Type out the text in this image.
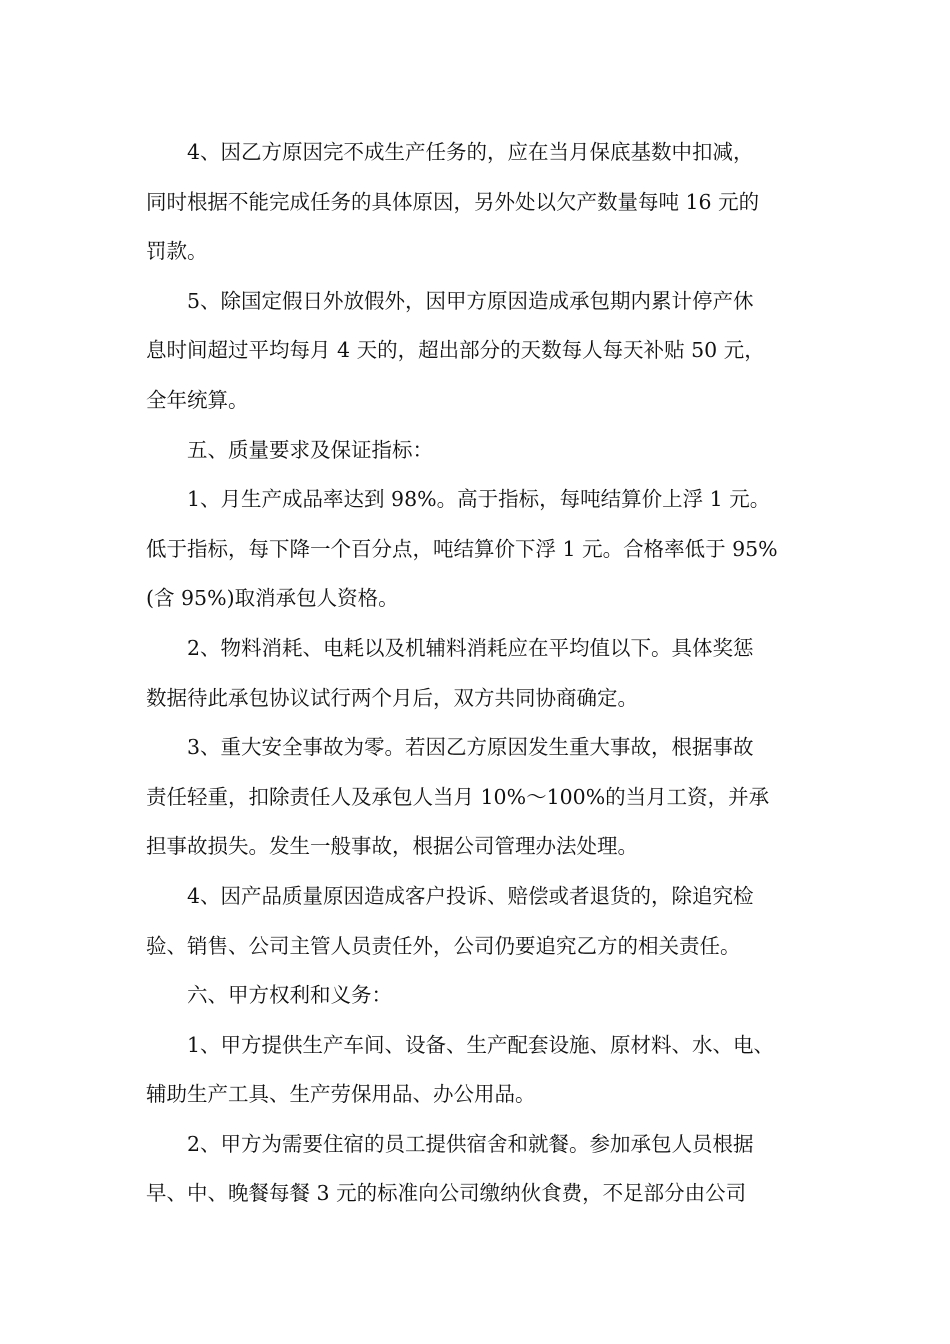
4、因乙方原因完不成生产任务的，应在当月保底基数中扣减，
同时根据不能完成任务的具体原因，另外处以欠产数量每吨 16 元的
罚款。
5、除国定假日外放假外，因甲方原因造成承包期内累计停产休
息时间超过平均每月 4 天的，超出部分的天数每人每天补贴 50 元，
全年统算。
五、质量要求及保证指标：
1、月生产成品率达到 98%。高于指标，每吨结算价上浮 1 元。
低于指标，每下降一个百分点，吨结算价下浮 1 元。合格率低于 95%
(含 95%)取消承包人资格。
2、物料消耗、电耗以及机辅料消耗应在平均值以下。具体奖惩
数据待此承包协议试行两个月后，双方共同协商确定。
3、重大安全事故为零。若因乙方原因发生重大事故，根据事故
责任轻重，扣除责任人及承包人当月 10%～100%的当月工资，并承
担事故损失。发生一般事故，根据公司管理办法处理。
4、因产品质量原因造成客户投诉、赔偿或者退货的，除追究检
验、销售、公司主管人员责任外，公司仍要追究乙方的相关责任。
六、甲方权利和义务：
1、甲方提供生产车间、设备、生产配套设施、原材料、水、电、
辅助生产工具、生产劳保用品、办公用品。
2、甲方为需要住宿的员工提供宿舍和就餐。参加承包人员根据
早、中、晚餐每餐 3 元的标准向公司缴纳伙食费，不足部分由公司
